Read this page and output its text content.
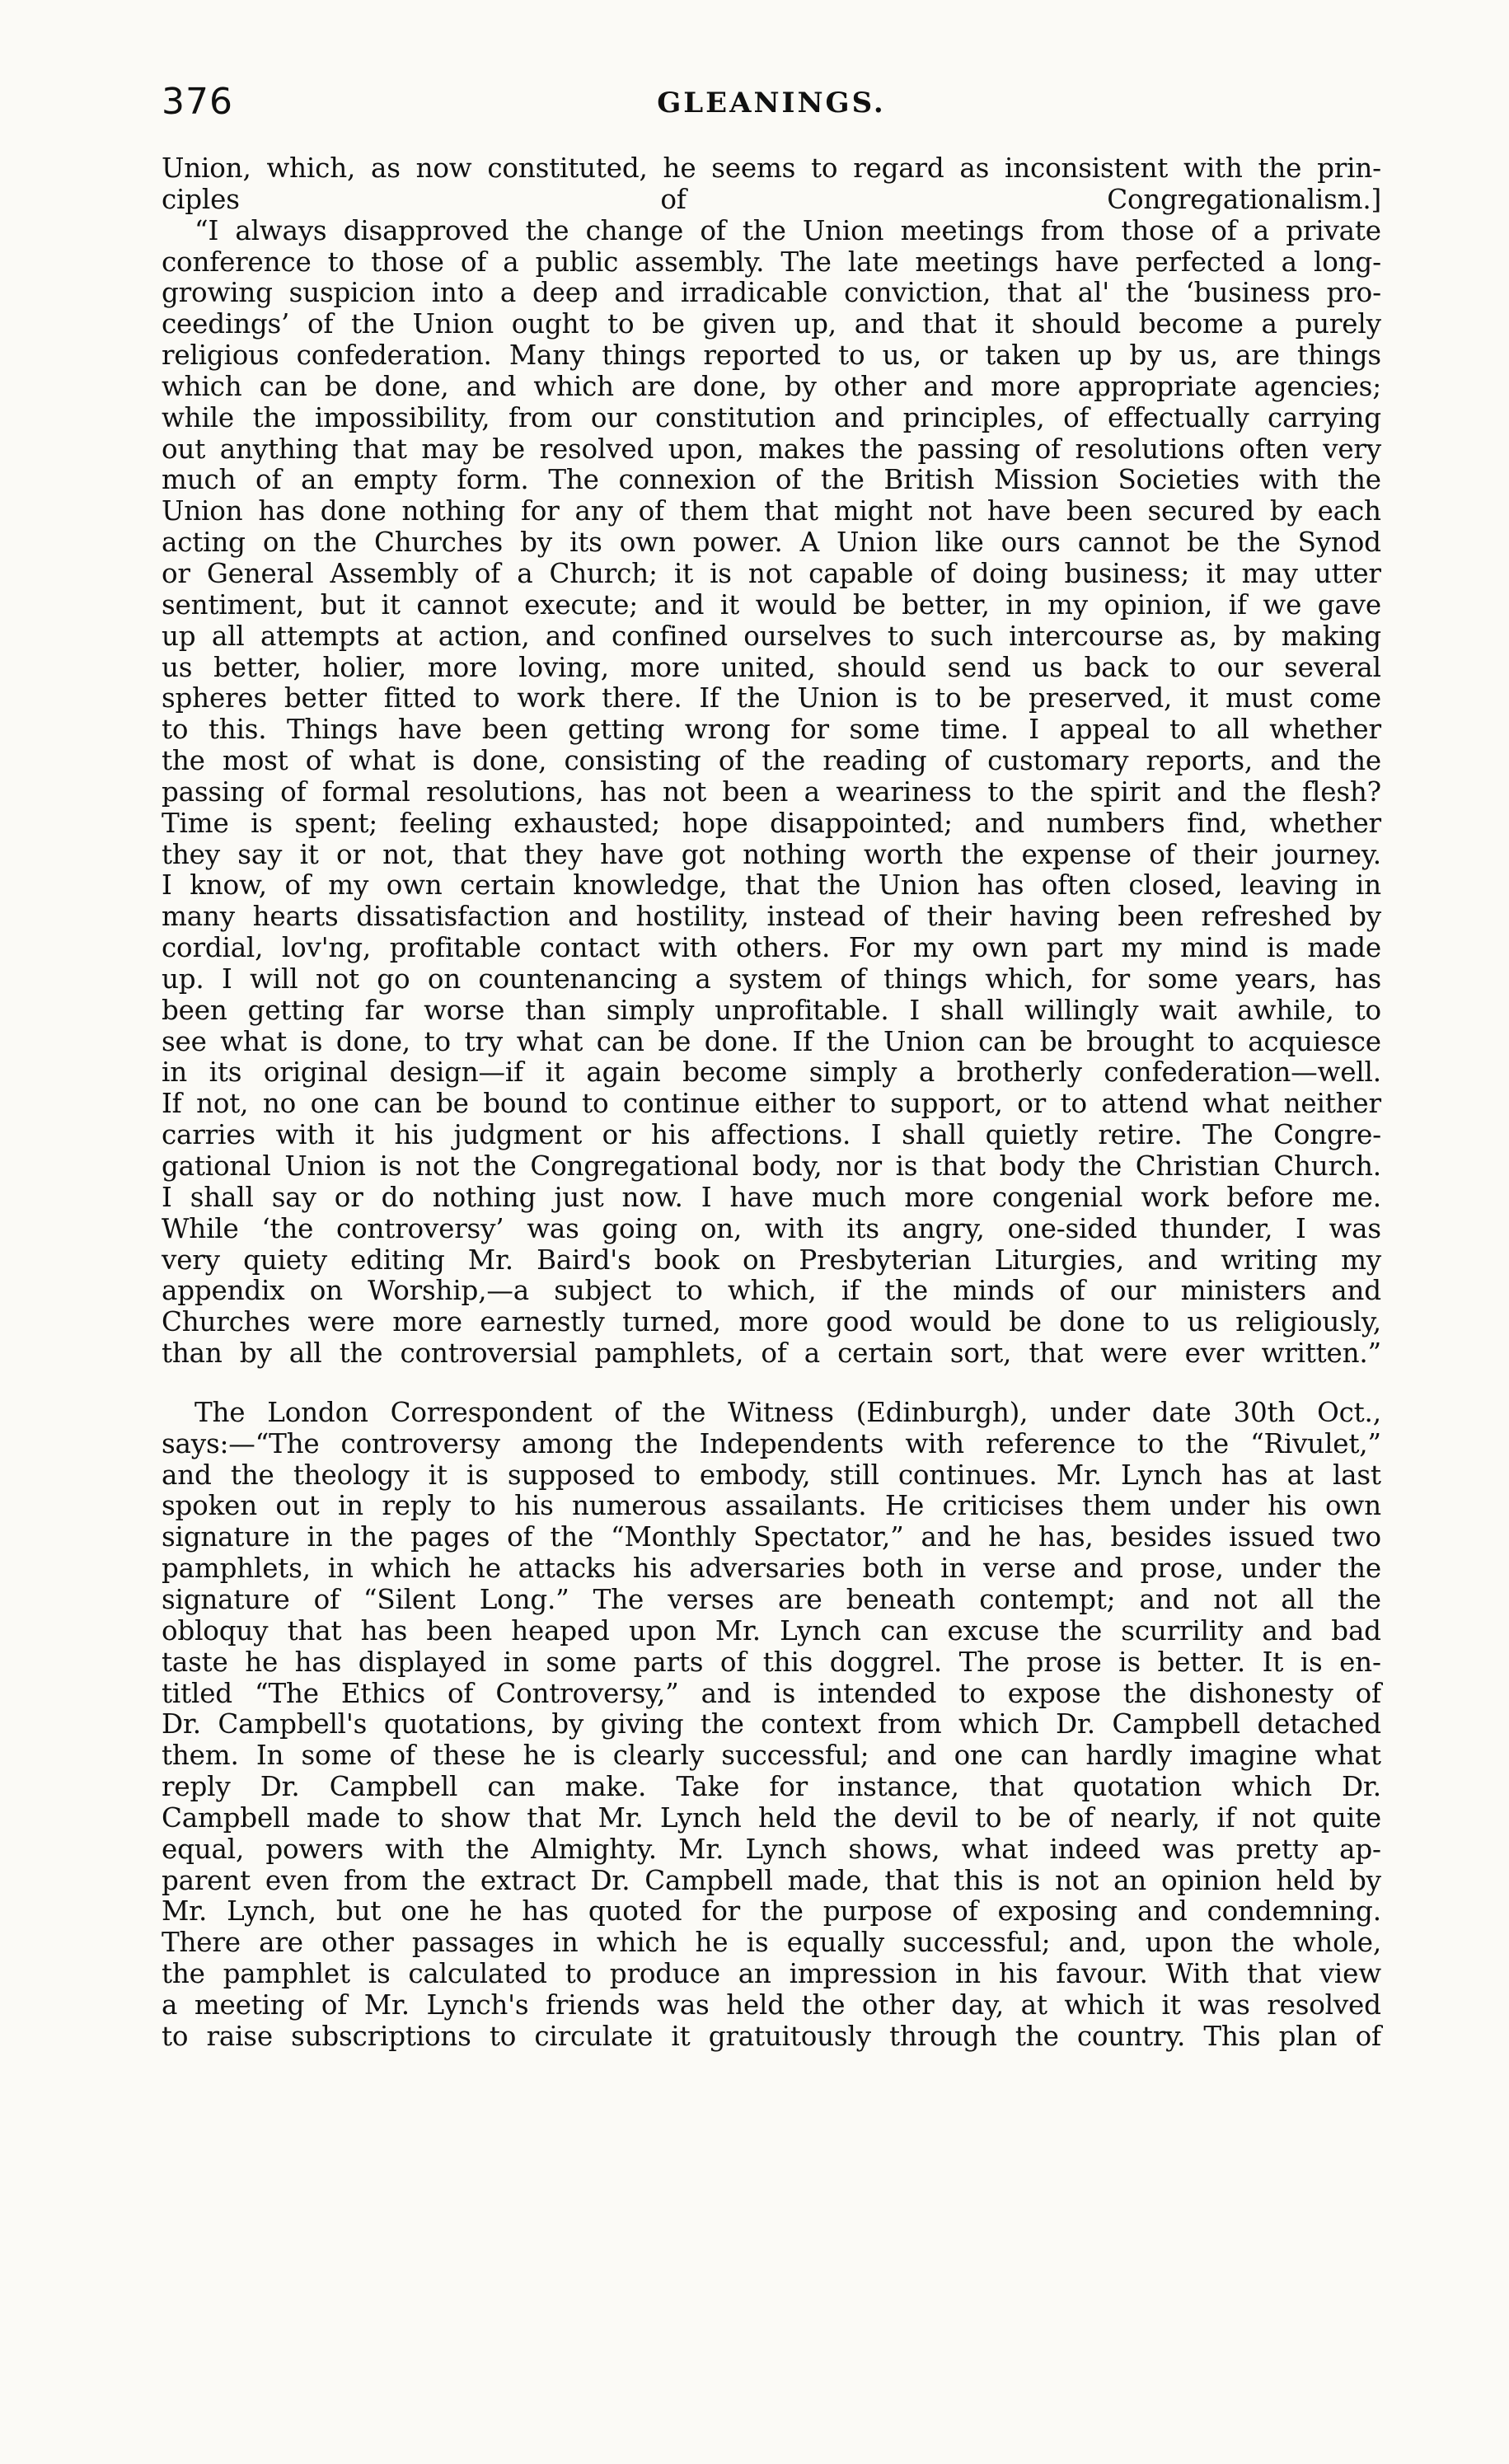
376	GLEANINGS.
Union, which, as now constituted, he seems to regard as inconsistent with the prin-
ciples of Congregationalism.]
“I always disapproved the change of the Union meetings from those of a private
conference to those of a public assembly. The late meetings have perfected a long-
growing suspicion into a deep and irradicable conviction, that al' the ‘business pro-
ceedings’ of the Union ought to be given up, and that it should become a purely
religious confederation. Many things reported to us, or taken up by us, are things
which can be done, and which are done, by other and more appropriate agencies;
while the impossibility, from our constitution and principles, of effectually carrying
out anything that may be resolved upon, makes the passing of resolutions often very
much of an empty form. The connexion of the British Mission Societies with the
Union has done nothing for any of them that might not have been secured by each
acting on the Churches by its own power. A Union like ours cannot be the Synod
or General Assembly of a Church; it is not capable of doing business; it may utter
sentiment, but it cannot execute; and it would be better, in my opinion, if we gave
up all attempts at action, and confined ourselves to such intercourse as, by making
us better, holier, more loving, more united, should send us back to our several
spheres better fitted to work there. If the Union is to be preserved, it must come
to this. Things have been getting wrong for some time. I appeal to all whether
the most of what is done, consisting of the reading of customary reports, and the
passing of formal resolutions, has not been a weariness to the spirit and the flesh?
Time is spent; feeling exhausted; hope disappointed; and numbers find, whether
they say it or not, that they have got nothing worth the expense of their journey.
I know, of my own certain knowledge, that the Union has often closed, leaving in
many hearts dissatisfaction and hostility, instead of their having been refreshed by
cordial, lov'ng, profitable contact with others. For my own part my mind is made
up. I will not go on countenancing a system of things which, for some years, has
been getting far worse than simply unprofitable. I shall willingly wait awhile, to
see what is done, to try what can be done. If the Union can be brought to acquiesce
in its original design—if it again become simply a brotherly confederation—well.
If not, no one can be bound to continue either to support, or to attend what neither
carries with it his judgment or his affections. I shall quietly retire. The Congre-
gational Union is not the Congregational body, nor is that body the Christian Church.
I shall say or do nothing just now. I have much more congenial work before me.
While ‘the controversy’ was going on, with its angry, one-sided thunder, I was
very quiety editing Mr. Baird's book on Presbyterian Liturgies, and writing my
appendix on Worship,—a subject to which, if the minds of our ministers and
Churches were more earnestly turned, more good would be done to us religiously,
than by all the controversial pamphlets, of a certain sort, that were ever written.”
The London Correspondent of the Witness (Edinburgh), under date 30th Oct.,
says:—“The controversy among the Independents with reference to the “Rivulet,”
and the theology it is supposed to embody, still continues. Mr. Lynch has at last
spoken out in reply to his numerous assailants. He criticises them under his own
signature in the pages of the “Monthly Spectator,” and he has, besides issued two
pamphlets, in which he attacks his adversaries both in verse and prose, under the
signature of “Silent Long.” The verses are beneath contempt; and not all the
obloquy that has been heaped upon Mr. Lynch can excuse the scurrility and bad
taste he has displayed in some parts of this doggrel. The prose is better. It is en-
titled “The Ethics of Controversy,” and is intended to expose the dishonesty of
Dr. Campbell's quotations, by giving the context from which Dr. Campbell detached
them. In some of these he is clearly successful; and one can hardly imagine what
reply Dr. Campbell can make. Take for instance, that quotation which Dr.
Campbell made to show that Mr. Lynch held the devil to be of nearly, if not quite
equal, powers with the Almighty. Mr. Lynch shows, what indeed was pretty ap-
parent even from the extract Dr. Campbell made, that this is not an opinion held by
Mr. Lynch, but one he has quoted for the purpose of exposing and condemning.
There are other passages in which he is equally successful; and, upon the whole,
the pamphlet is calculated to produce an impression in his favour. With that view
a meeting of Mr. Lynch's friends was held the other day, at which it was resolved
to raise subscriptions to circulate it gratuitously through the country. This plan of
